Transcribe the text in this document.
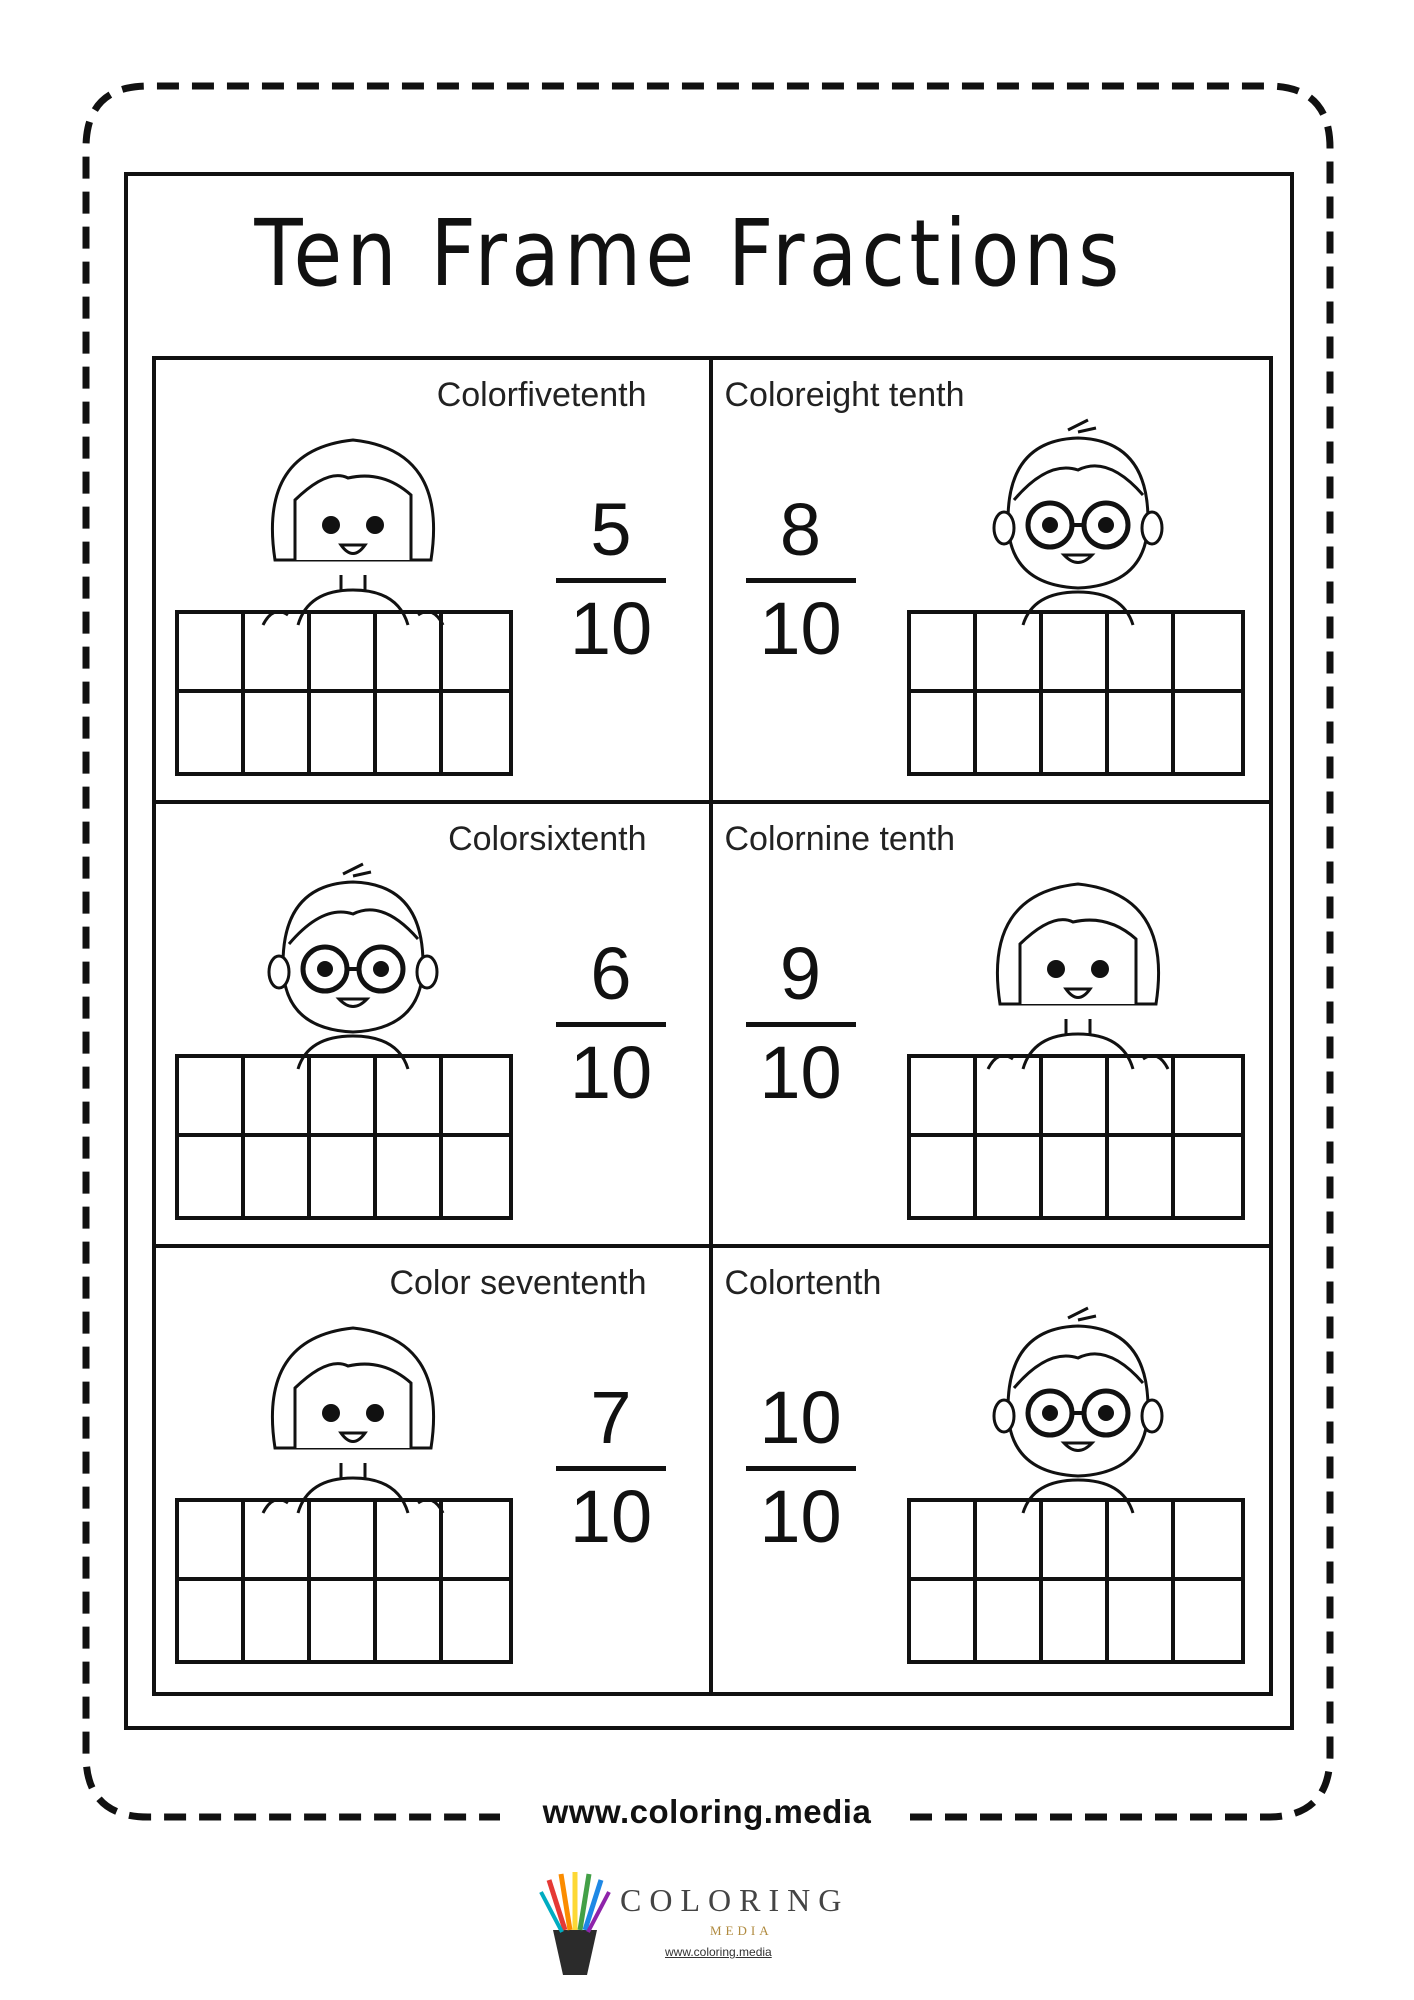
Ten Frame Fractions
Colorfivetenth
5
10
Coloreight tenth
8
10
Colorsixtenth
6
10
Colornine tenth
9
10
Color sevententh
7
10
Colortenth
10
10
www.coloring.media
COLORING
MEDIA
www.coloring.media
